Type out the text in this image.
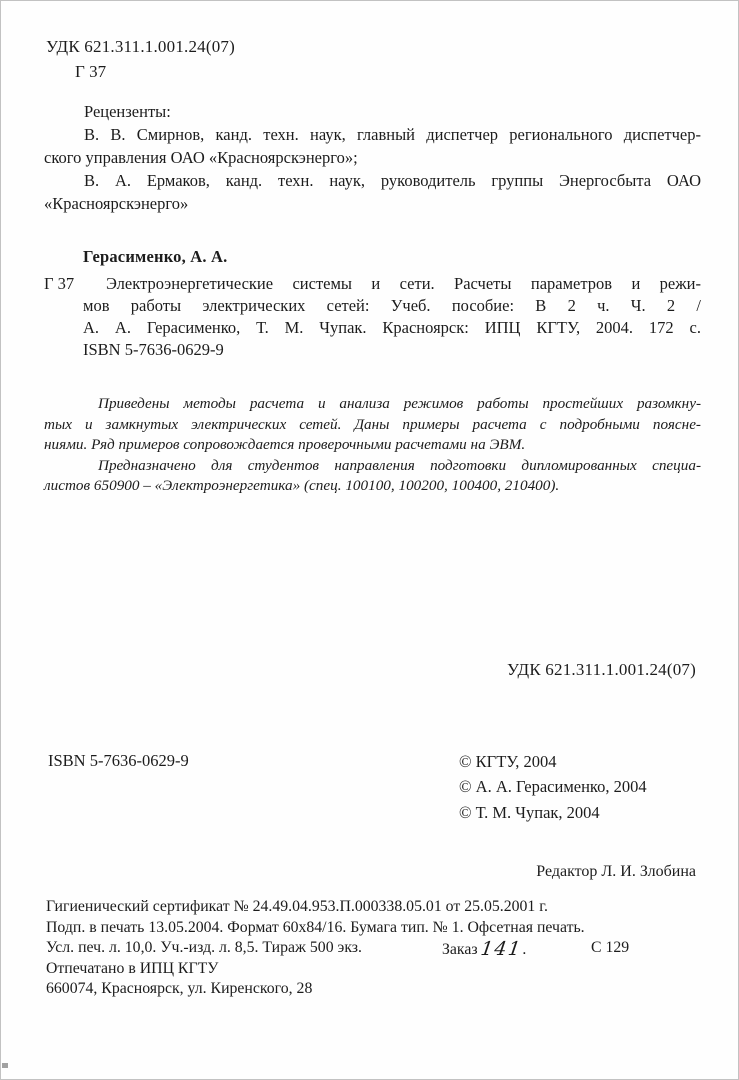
УДК 621.311.1.001.24(07)
Г 37
Рецензенты:
В. В. Смирнов, канд. техн. наук, главный диспетчер регионального диспетчер-
ского управления ОАО «Красноярскэнерго»;
В. А. Ермаков, канд. техн. наук, руководитель группы Энергосбыта ОАО
«Красноярскэнерго»
Герасименко, А. А.
Г 37	Электроэнергетические системы и сети. Расчеты параметров и режи-
мов работы электрических сетей: Учеб. пособие: В 2 ч. Ч. 2 /
А. А. Герасименко, Т. М. Чупак. Красноярск: ИПЦ КГТУ, 2004. 172 с.
ISBN 5-7636-0629-9
Приведены методы расчета и анализа режимов работы простейших разомкну-
тых и замкнутых электрических сетей. Даны примеры расчета с подробными поясне-
ниями. Ряд примеров сопровождается проверочными расчетами на ЭВМ.
Предназначено для студентов направления подготовки дипломированных специа-
листов 650900 – «Электроэнергетика» (спец. 100100, 100200, 100400, 210400).
УДК 621.311.1.001.24(07)
ISBN 5-7636-0629-9	© КГТУ, 2004
© А. А. Герасименко, 2004
© Т. М. Чупак, 2004
Редактор Л. И. Злобина
Гигиенический сертификат № 24.49.04.953.П.000338.05.01 от 25.05.2001 г.
Подп. в печать 13.05.2004. Формат 60х84/16. Бумага тип. № 1. Офсетная печать.
Усл. печ. л. 10,0. Уч.-изд. л. 8,5. Тираж 500 экз.	Заказ141.	С 129
Отпечатано в ИПЦ КГТУ
660074, Красноярск, ул. Киренского, 28
